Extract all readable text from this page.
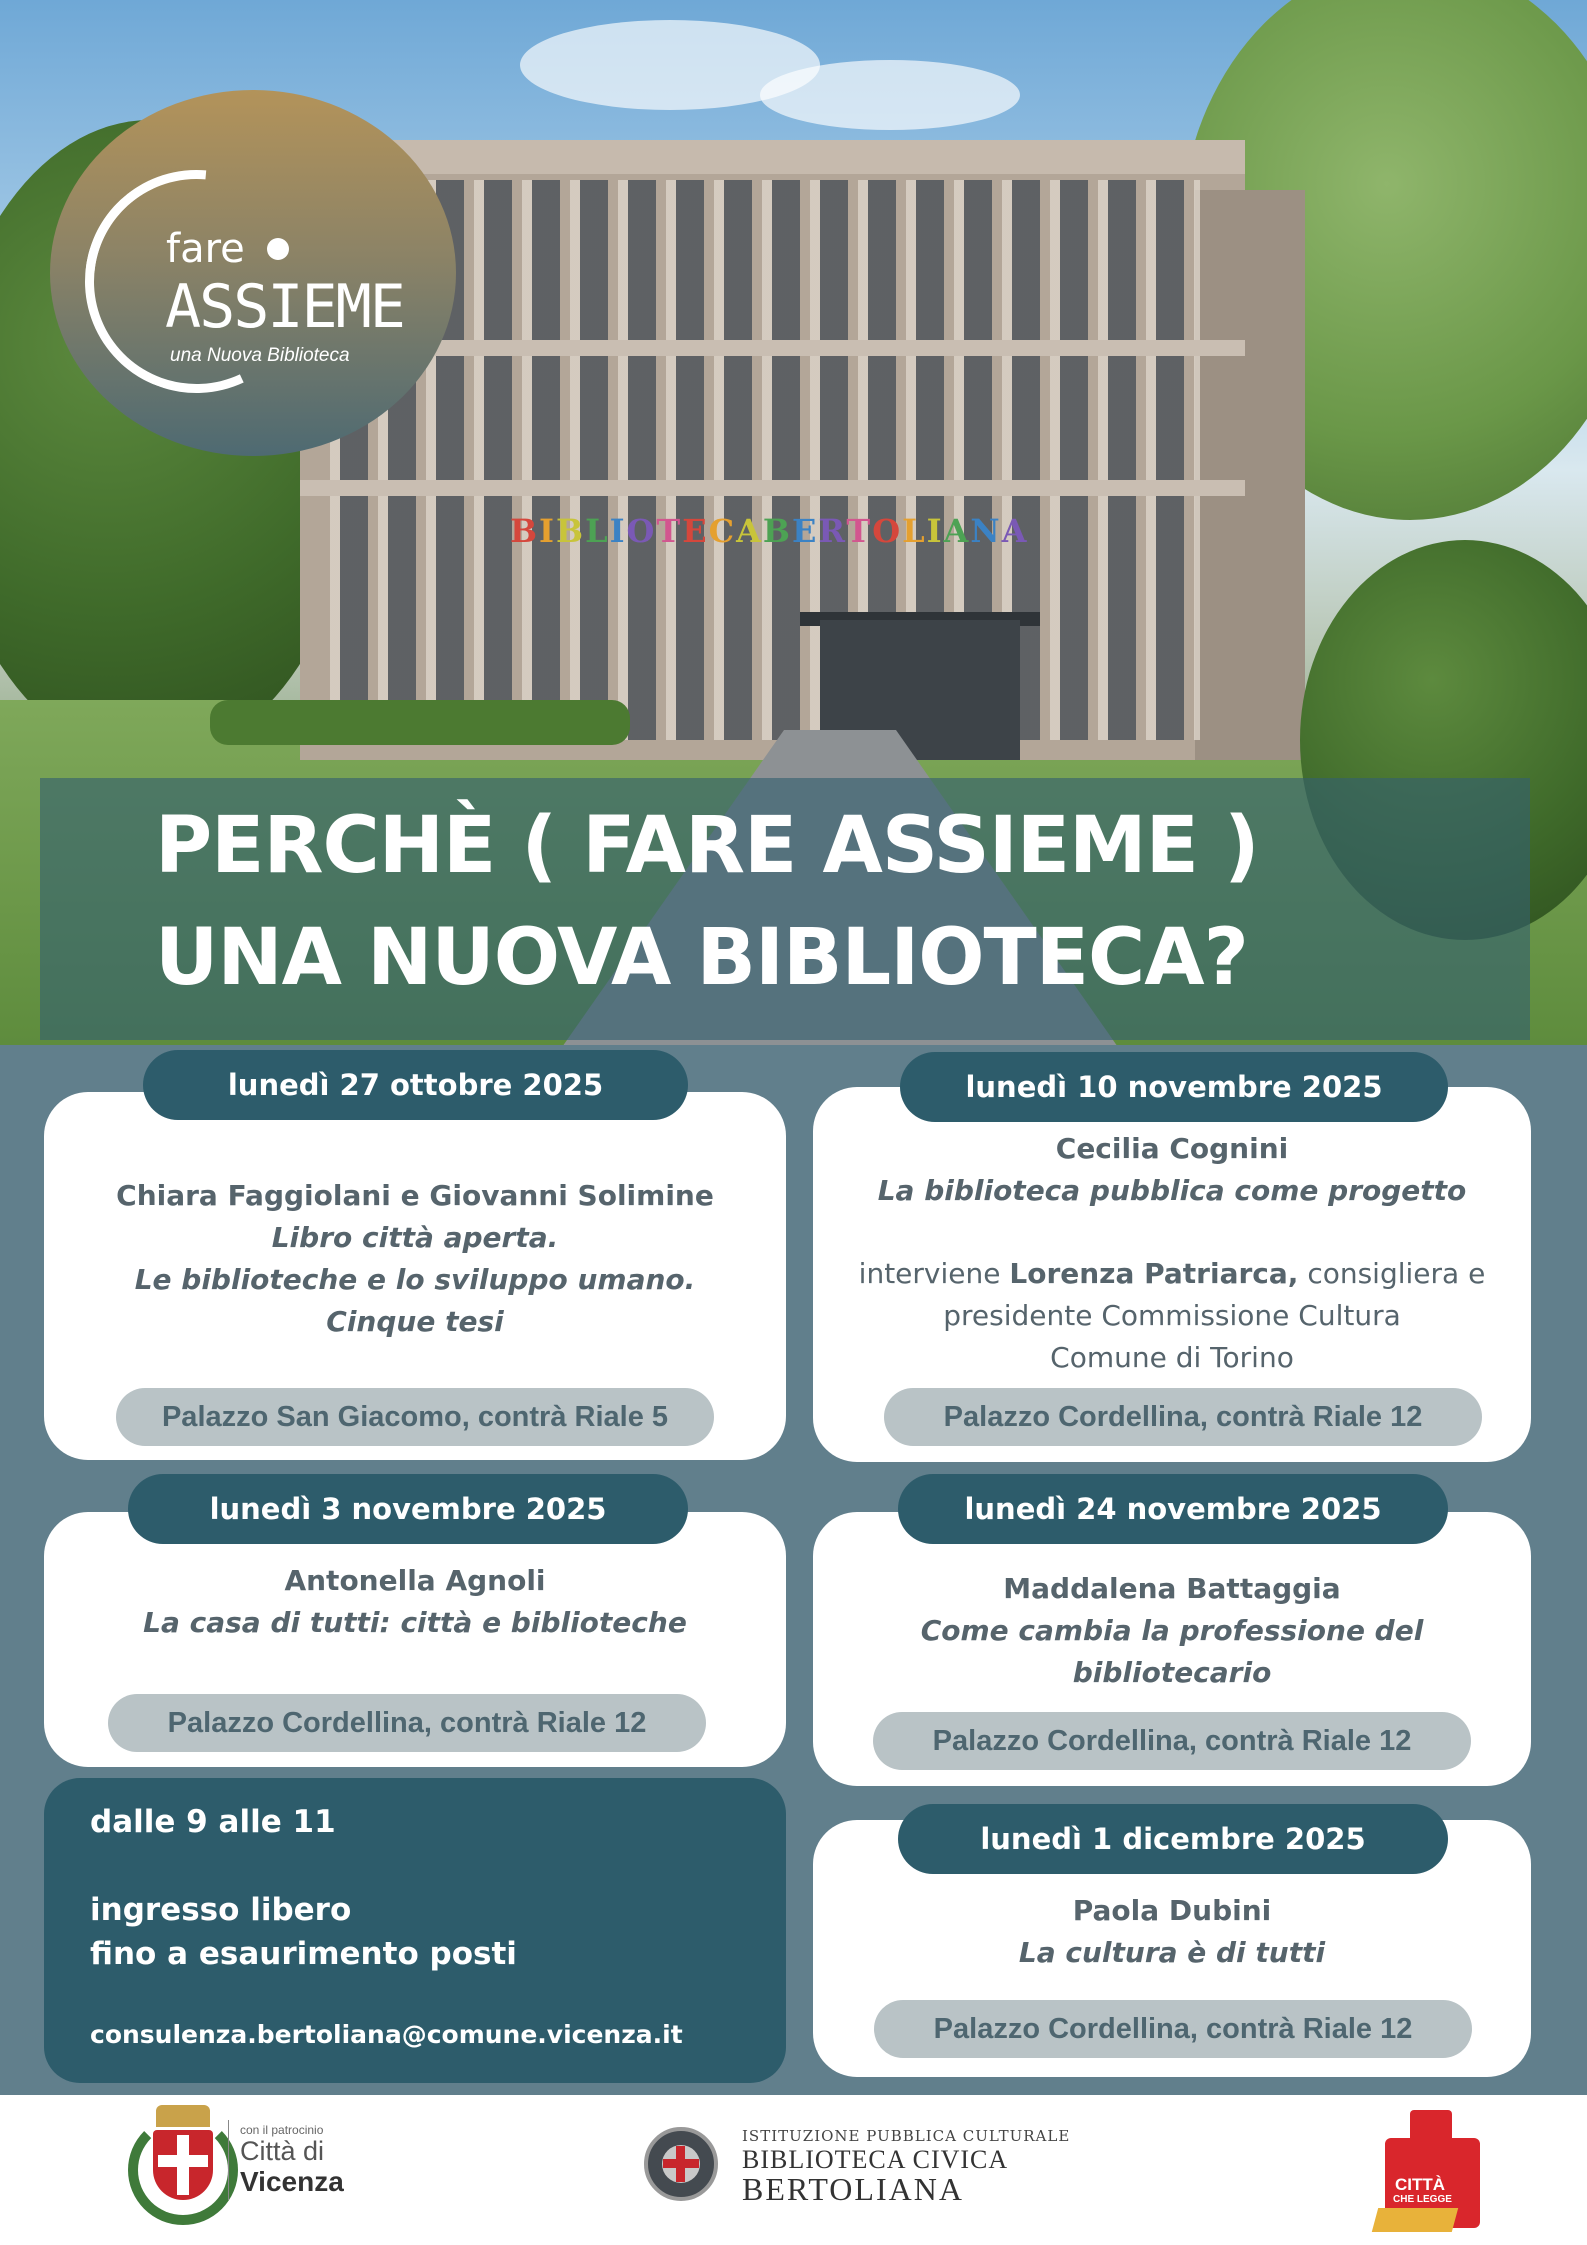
BIBLIOTECABERTOLIANA
PERCHÈ ( FARE ASSIEME )
UNA NUOVA BIBLIOTECA?
fare
ASSIEME
una Nuova Biblioteca
lunedì 27 ottobre 2025
Chiara Faggiolani e Giovanni Solimine
Libro città aperta.
Le biblioteche e lo sviluppo umano.
Cinque tesi
Palazzo San Giacomo, contrà Riale 5
lunedì 10 novembre 2025
Cecilia Cognini
La biblioteca pubblica come progetto
interviene Lorenza Patriarca, consigliera e
presidente Commissione Cultura
Comune di Torino
Palazzo Cordellina, contrà Riale 12
lunedì 3 novembre 2025
Antonella Agnoli
La casa di tutti: città e biblioteche
Palazzo Cordellina, contrà Riale 12
lunedì 24 novembre 2025
Maddalena Battaggia
Come cambia la professione del
bibliotecario
Palazzo Cordellina, contrà Riale 12
dalle 9 alle 11
ingresso libero
fino a esaurimento posti
consulenza.bertoliana@comune.vicenza.it
lunedì 1 dicembre 2025
Paola Dubini
La cultura è di tutti
Palazzo Cordellina, contrà Riale 12
con il patrocinio
Città di
Vicenza
ISTITUZIONE PUBBLICA CULTURALE
BIBLIOTECA CIVICA
BERTOLIANA	CITTÀ
CHE LEGGE
